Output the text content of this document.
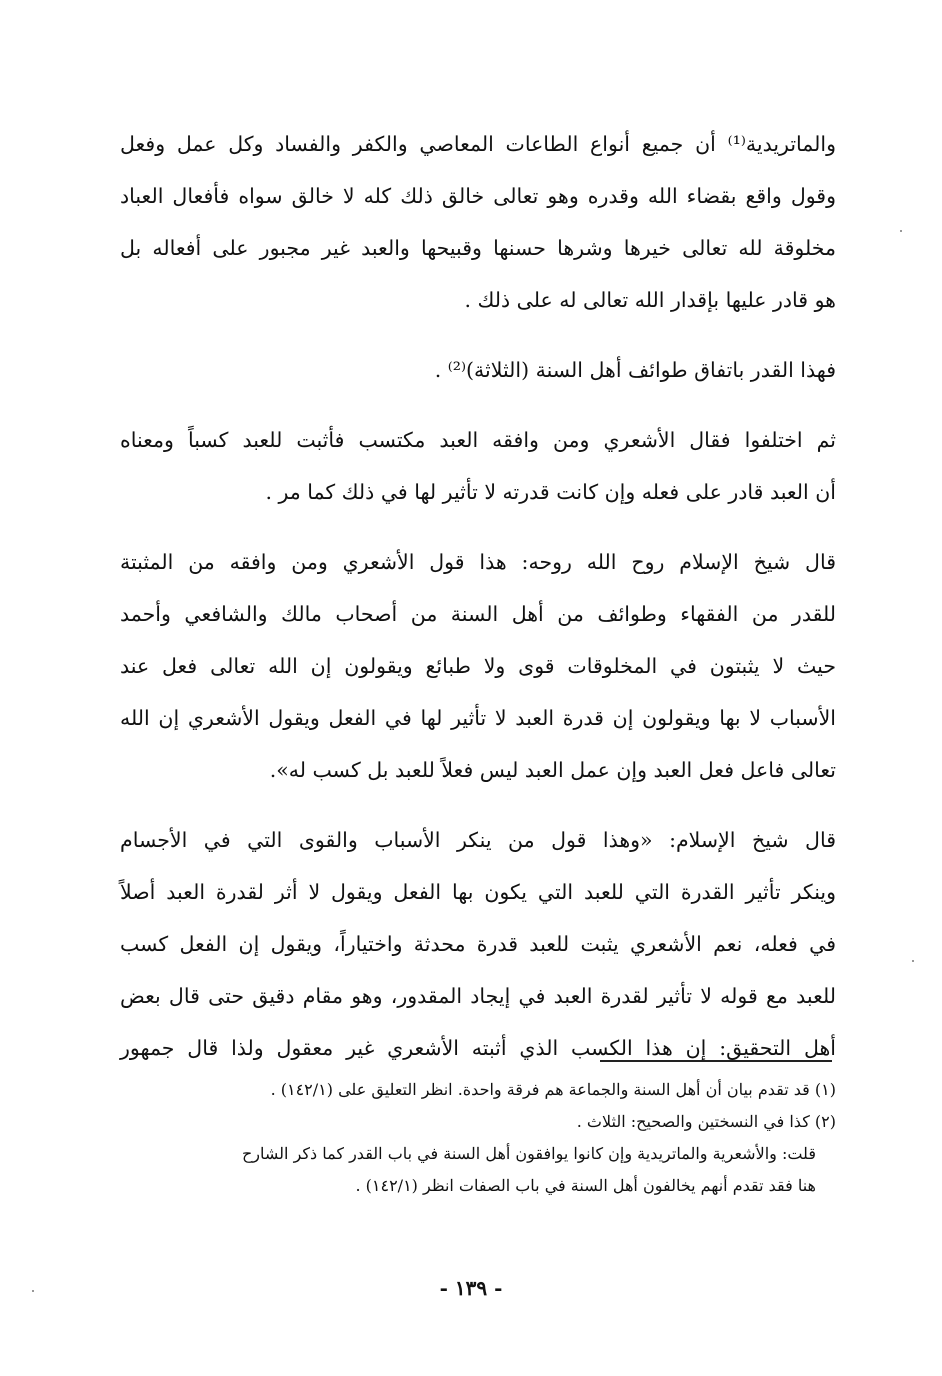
والماتريدية⁽¹⁾ أن جميع أنواع الطاعات المعاصي والكفر والفساد وكل عمل وفعل
وقول واقع بقضاء الله وقدره وهو تعالى خالق ذلك كله لا خالق سواه فأفعال العباد
مخلوقة لله تعالى خيرها وشرها حسنها وقبيحها والعبد غير مجبور على أفعاله بل
هو قادر عليها بإقدار الله تعالى له على ذلك .
فهذا القدر باتفاق طوائف أهل السنة (الثلاثة)⁽²⁾ .
ثم اختلفوا فقال الأشعري ومن وافقه العبد مكتسب فأثبت للعبد كسباً ومعناه
أن العبد قادر على فعله وإن كانت قدرته لا تأثير لها في ذلك كما مر .
قال شيخ الإسلام روح الله روحه: هذا قول الأشعري ومن وافقه من المثبتة
للقدر من الفقهاء وطوائف من أهل السنة من أصحاب مالك والشافعي وأحمد
حيث لا يثبتون في المخلوقات قوى ولا طبائع ويقولون إن الله تعالى فعل عند
الأسباب لا بها ويقولون إن قدرة العبد لا تأثير لها في الفعل ويقول الأشعري إن الله
تعالى فاعل فعل العبد وإن عمل العبد ليس فعلاً للعبد بل كسب له».
قال شيخ الإسلام: «وهذا قول من ينكر الأسباب والقوى التي في الأجسام
وينكر تأثير القدرة التي للعبد التي يكون بها الفعل ويقول لا أثر لقدرة العبد أصلاً
في فعله، نعم الأشعري يثبت للعبد قدرة محدثة واختياراً، ويقول إن الفعل كسب
للعبد مع قوله لا تأثير لقدرة العبد في إيجاد المقدور، وهو مقام دقيق حتى قال بعض
أهل التحقيق: إن هذا الكسب الذي أثبته الأشعري غير معقول ولذا قال جمهور
(١) قد تقدم بيان أن أهل السنة والجماعة هم فرقة واحدة. انظر التعليق على (١٤٢/١) .
(٢) كذا في النسختين والصحيح: الثلاث .
قلت: والأشعرية والماتريدية وإن كانوا يوافقون أهل السنة في باب القدر كما ذكر الشارح
هنا فقد تقدم أنهم يخالفون أهل السنة في باب الصفات انظر (١٤٢/١) .
- ١٣٩ -
